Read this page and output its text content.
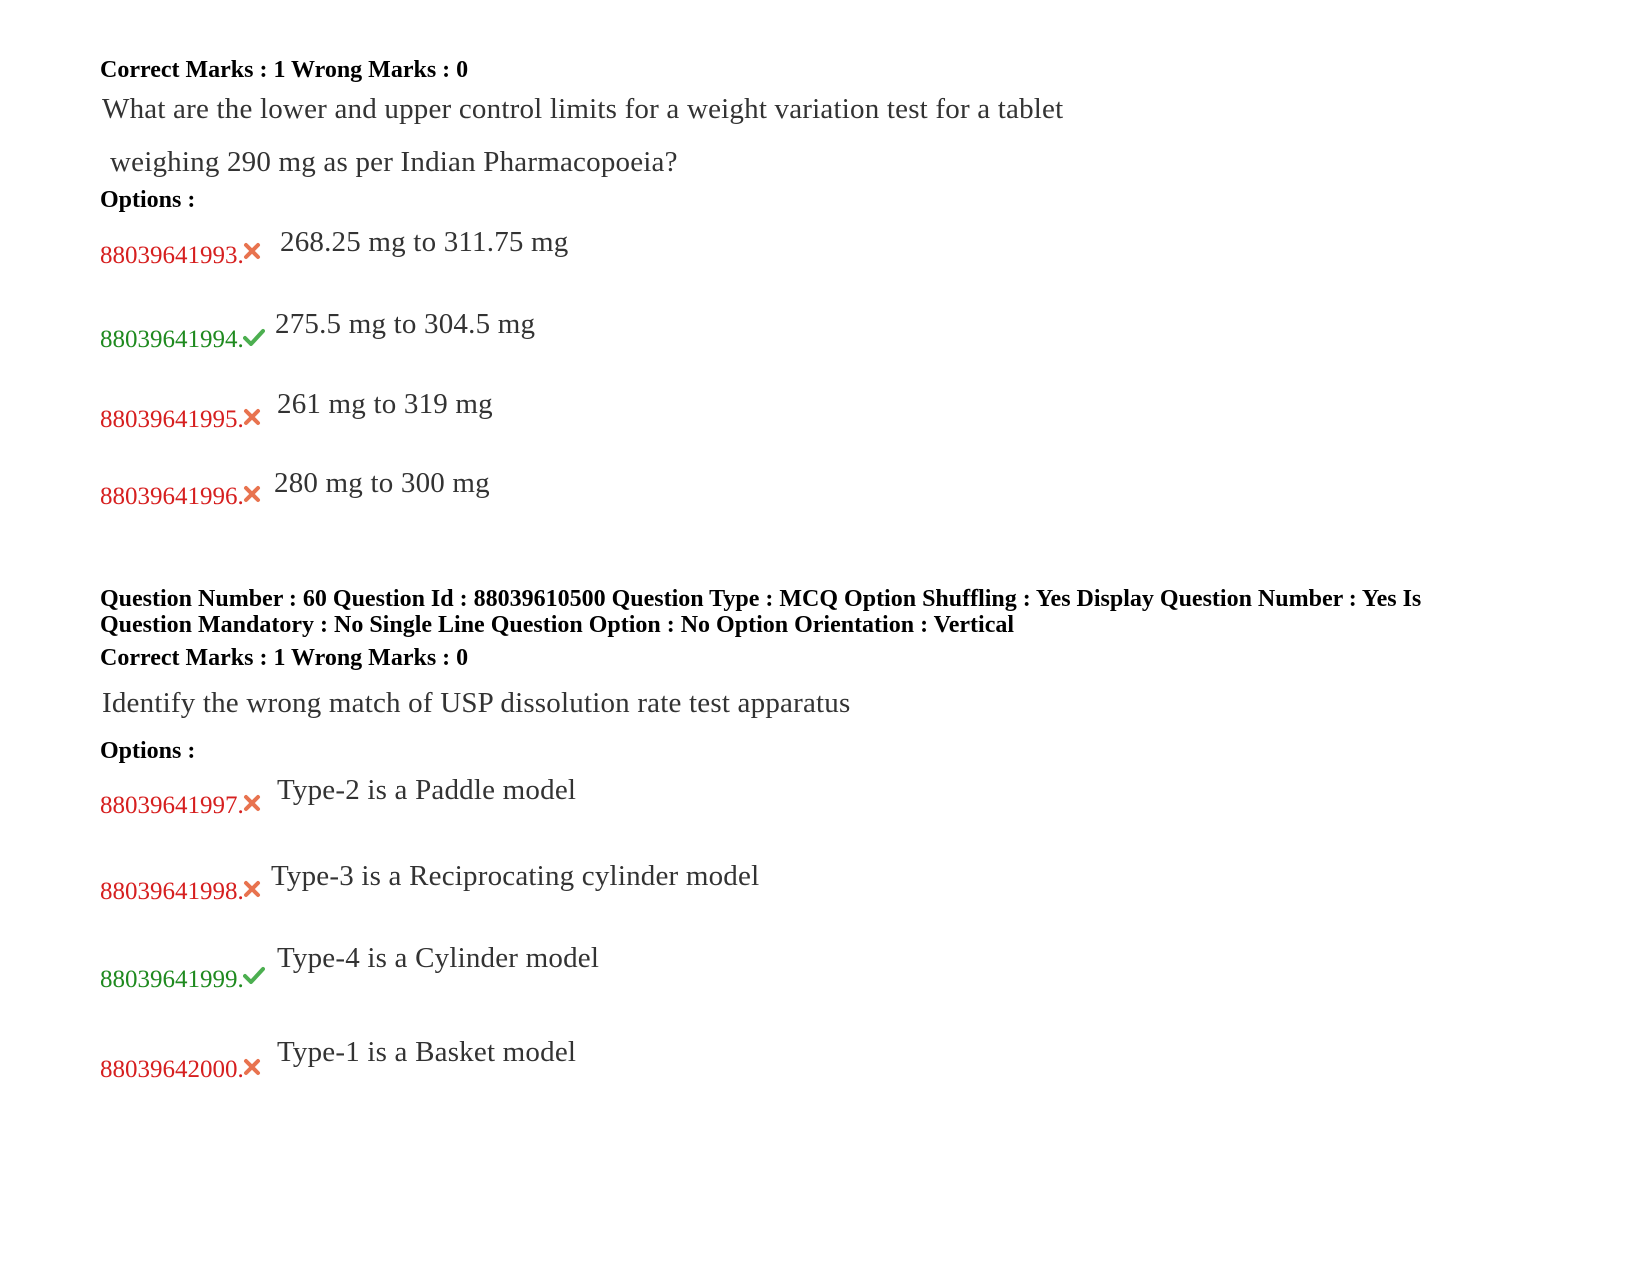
Correct Marks : 1 Wrong Marks : 0
What are the lower and upper control limits for a weight variation test for a tablet
weighing 290 mg as per Indian Pharmacopoeia?
Options :
88039641993. 268.25 mg to 311.75 mg
88039641994. 275.5 mg to 304.5 mg
88039641995. 261 mg to 319 mg
88039641996. 280 mg to 300 mg
Question Number : 60 Question Id : 88039610500 Question Type : MCQ Option Shuffling : Yes Display Question Number : Yes Is
Question Mandatory : No Single Line Question Option : No Option Orientation : Vertical
Correct Marks : 1 Wrong Marks : 0
Identify the wrong match of USP dissolution rate test apparatus
Options :
88039641997. Type-2 is a Paddle model
88039641998. Type-3 is a Reciprocating cylinder model
88039641999.
Type-4 is a Cylinder model
88039642000.
Type-1 is a Basket model
